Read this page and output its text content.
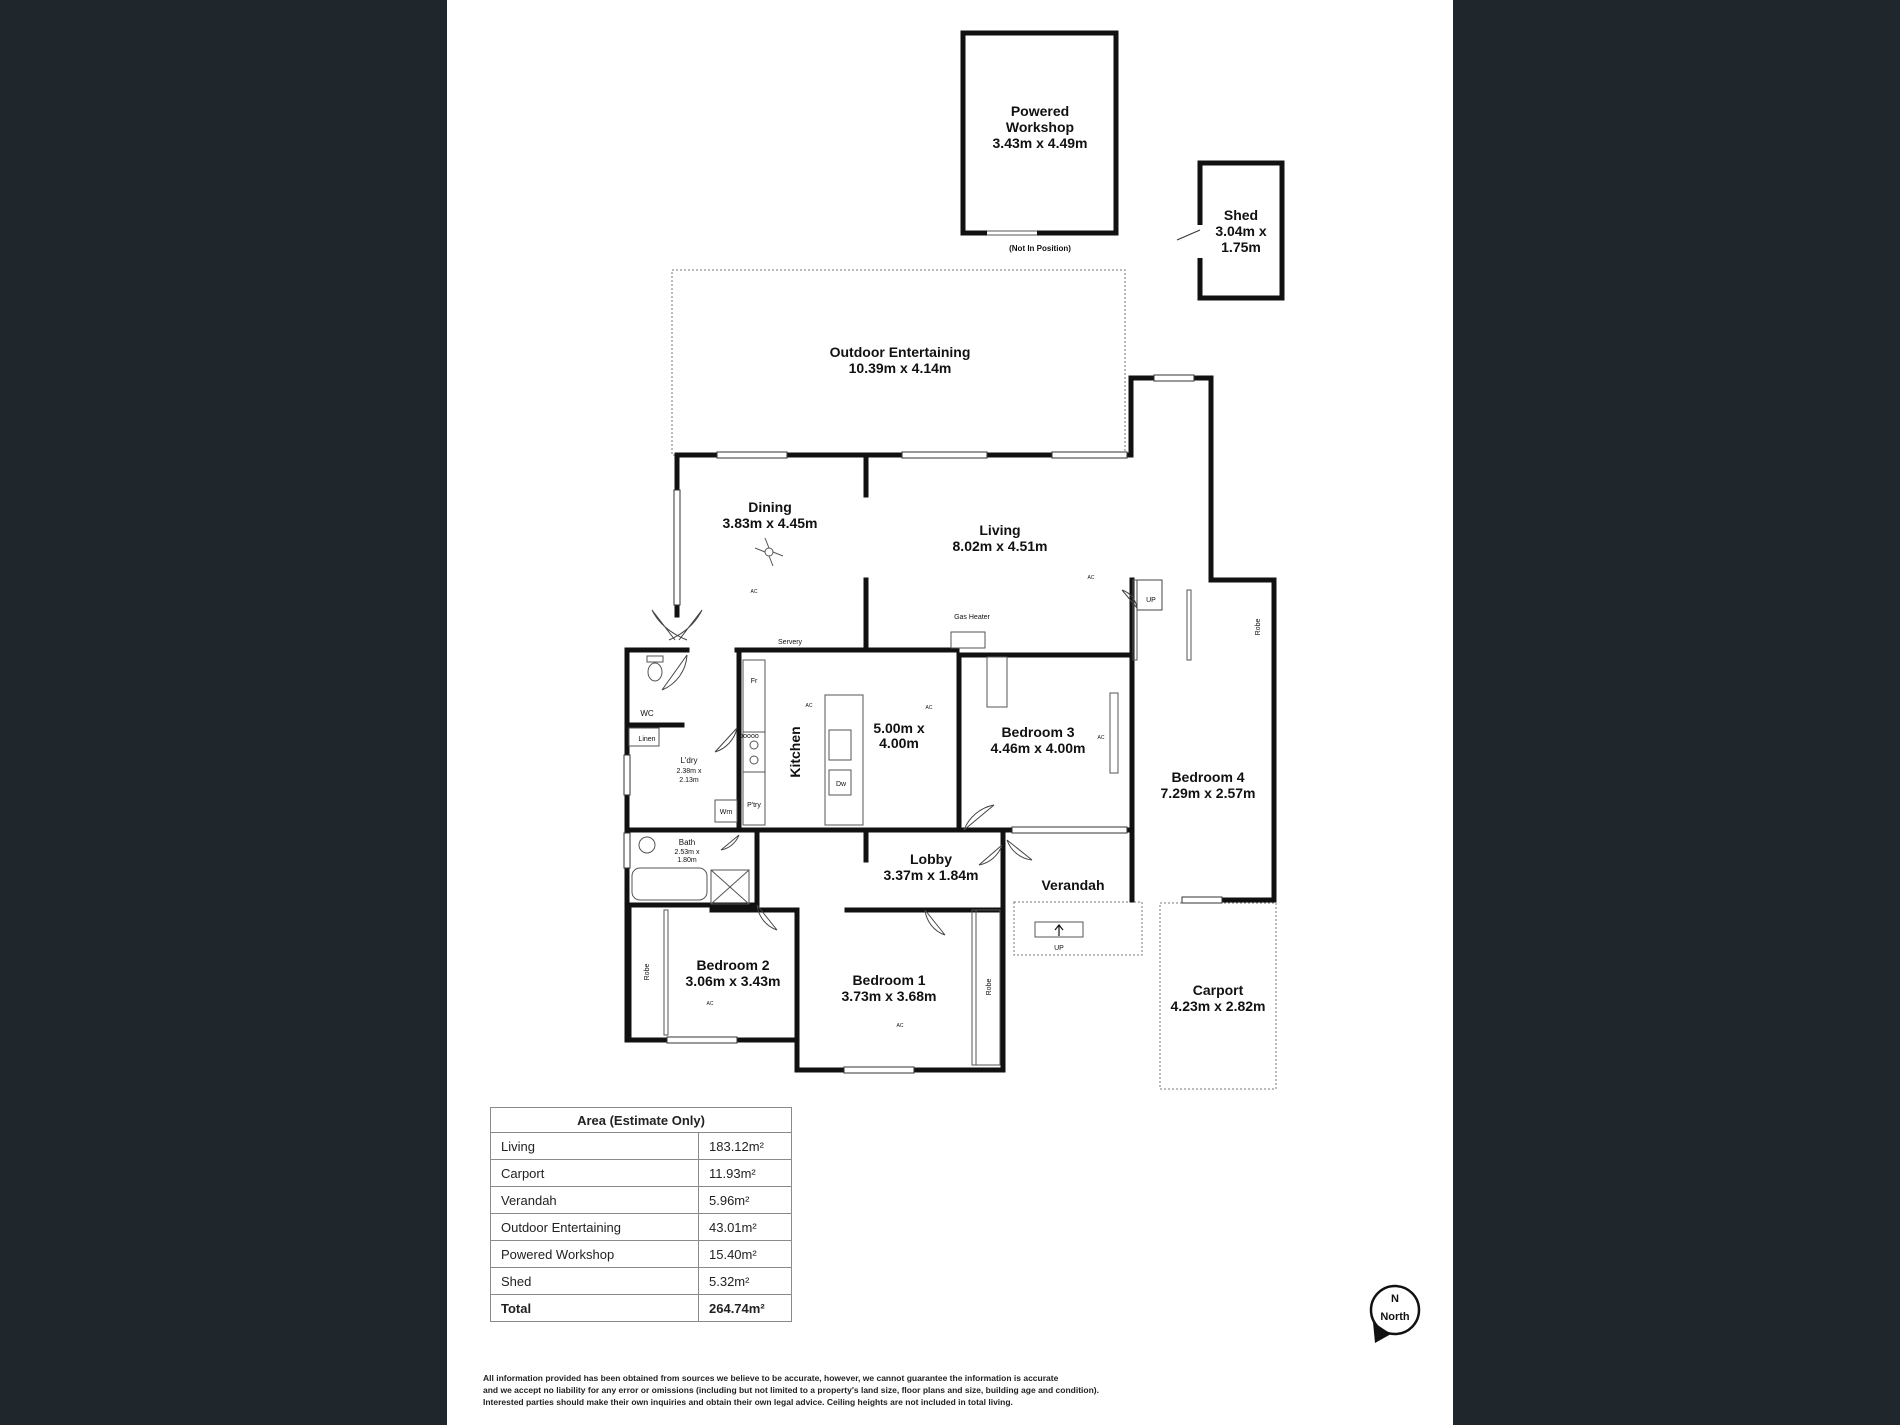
Powered
Workshop
3.43m x 4.49m
(Not In Position)
Shed
3.04m x
1.75m
Outdoor Entertaining
10.39m x 4.14m
Dining
3.83m x 4.45m	Living
8.02m x 4.51m
Kitchen	5.00m x
4.00m
Bedroom 3
4.46m x 4.00m
Bedroom 4
7.29m x 2.57m
Lobby
3.37m x 1.84m
Verandah
L'dry
2.38m x
2.13m
Bath
2.53m x
1.80m
Bedroom 2
3.06m x 3.43m	Bedroom 1
3.73m x 3.68m	Carport
4.23m x 2.82m
Servery
Gas Heater
WC
Linen
Fr
P'try
Dw
Wm
ooooo
Robe
Robe
Robe
UP
UP
AC
AC
AC	AC
AC
AC
AC
N
North
Area (Estimate Only)	
Living	183.12m²
Carport	11.93m²
Verandah	5.96m²
Outdoor Entertaining	43.01m²
Powered Workshop	15.40m²
Shed	5.32m²
Total	264.74m²

All information provided has been obtained from sources we believe to be accurate, however, we cannot guarantee the information is accurate

and we accept no liability for any error or omissions (including but not limited to a property's land size, floor plans and size, building age and condition).

Interested parties should make their own inquiries and obtain their own legal advice. Ceiling heights are not included in total living.
